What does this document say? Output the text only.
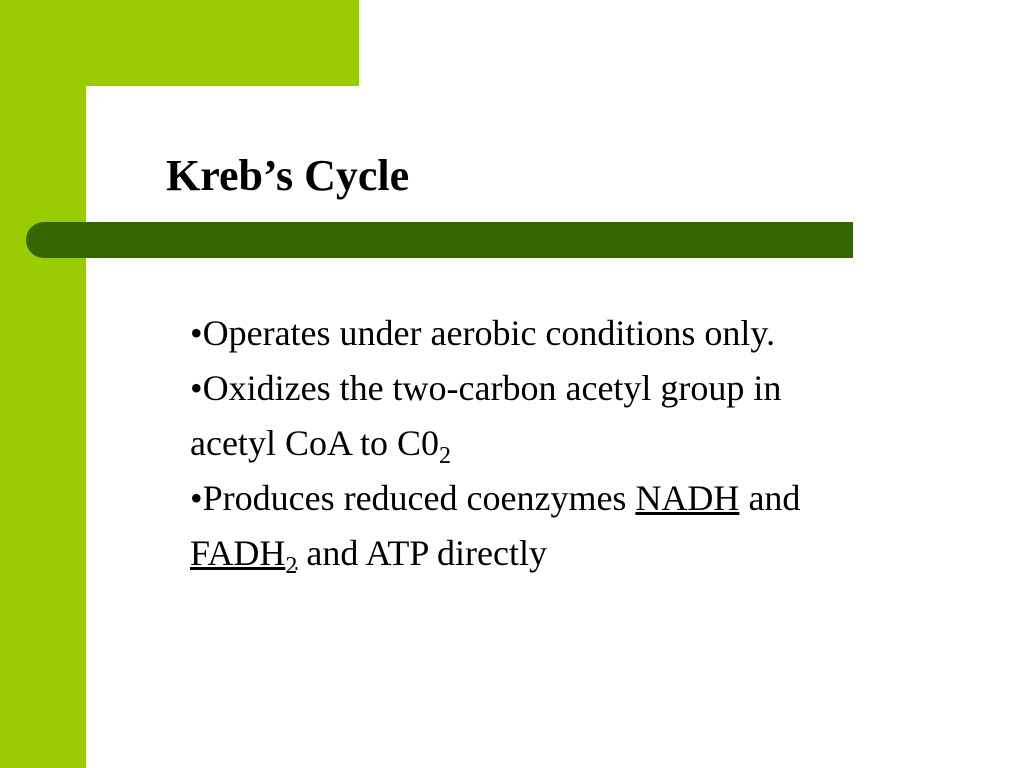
Kreb’s Cycle
•Operates under aerobic conditions only.
•Oxidizes the two-carbon acetyl group in acetyl CoA to $C0_2$
•Produces reduced coenzymes NADH and $FADH_2$ and ATP directly
